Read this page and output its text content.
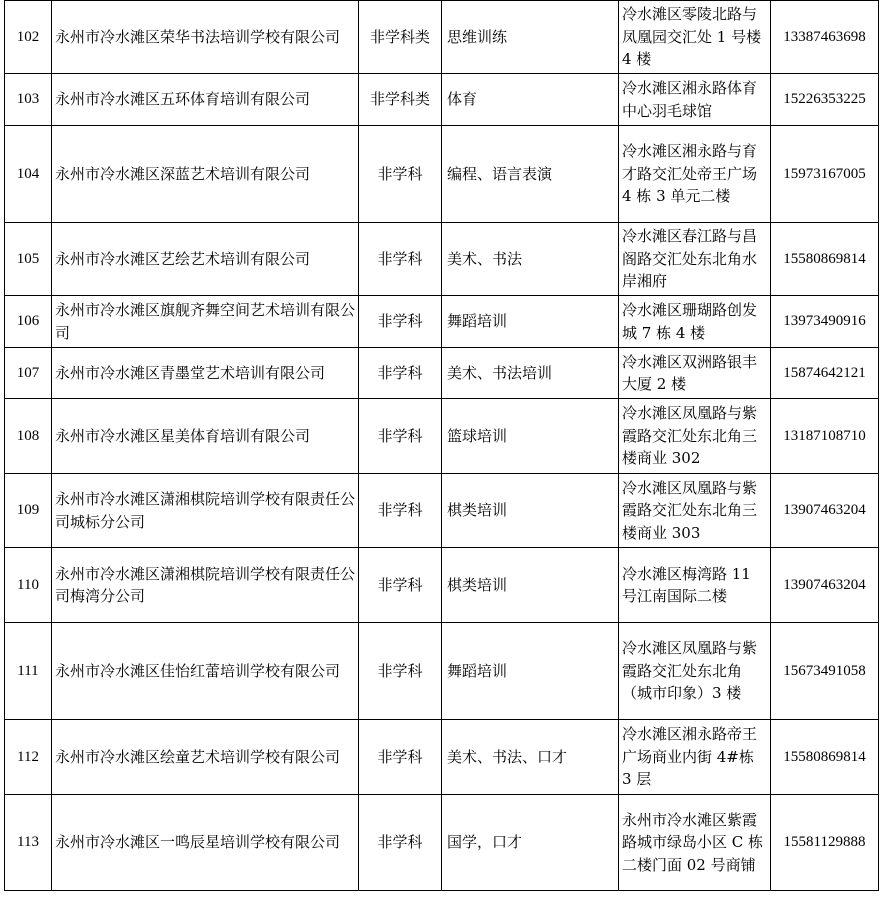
102	永州市冷水滩区荣华书法培训学校有限公司	非学科类	思维训练	冷水滩区零陵北路与凤凰园交汇处 1 号楼 4 楼	13387463698
103	永州市冷水滩区五环体育培训有限公司	非学科类	体育	冷水滩区湘永路体育中心羽毛球馆	15226353225
104	永州市冷水滩区深蓝艺术培训有限公司	非学科	编程、语言表演	冷水滩区湘永路与育才路交汇处帝王广场 4 栋 3 单元二楼	15973167005
105	永州市冷水滩区艺绘艺术培训有限公司	非学科	美术、书法	冷水滩区春江路与昌阁路交汇处东北角水岸湘府	15580869814
106	永州市冷水滩区旗舰齐舞空间艺术培训有限公司	非学科	舞蹈培训	冷水滩区珊瑚路创发城 7 栋 4 楼	13973490916
107	永州市冷水滩区青墨堂艺术培训有限公司	非学科	美术、书法培训	冷水滩区双洲路银丰大厦 2 楼	15874642121
108	永州市冷水滩区星美体育培训有限公司	非学科	篮球培训	冷水滩区凤凰路与紫霞路交汇处东北角三楼商业 302	13187108710
109	永州市冷水滩区潇湘棋院培训学校有限责任公司城标分公司	非学科	棋类培训	冷水滩区凤凰路与紫霞路交汇处东北角三楼商业 303	13907463204
110	永州市冷水滩区潇湘棋院培训学校有限责任公司梅湾分公司	非学科	棋类培训	冷水滩区梅湾路 11 号江南国际二楼	13907463204
111	永州市冷水滩区佳怡红蕾培训学校有限公司	非学科	舞蹈培训	冷水滩区凤凰路与紫霞路交汇处东北角（城市印象）3 楼	15673491058
112	永州市冷水滩区绘童艺术培训学校有限公司	非学科	美术、书法、口才	冷水滩区湘永路帝王广场商业内街 4#栋 3 层	15580869814
113	永州市冷水滩区一鸣辰星培训学校有限公司	非学科	国学，口才	永州市冷水滩区紫霞路城市绿岛小区 C 栋二楼门面 02 号商铺	15581129888
